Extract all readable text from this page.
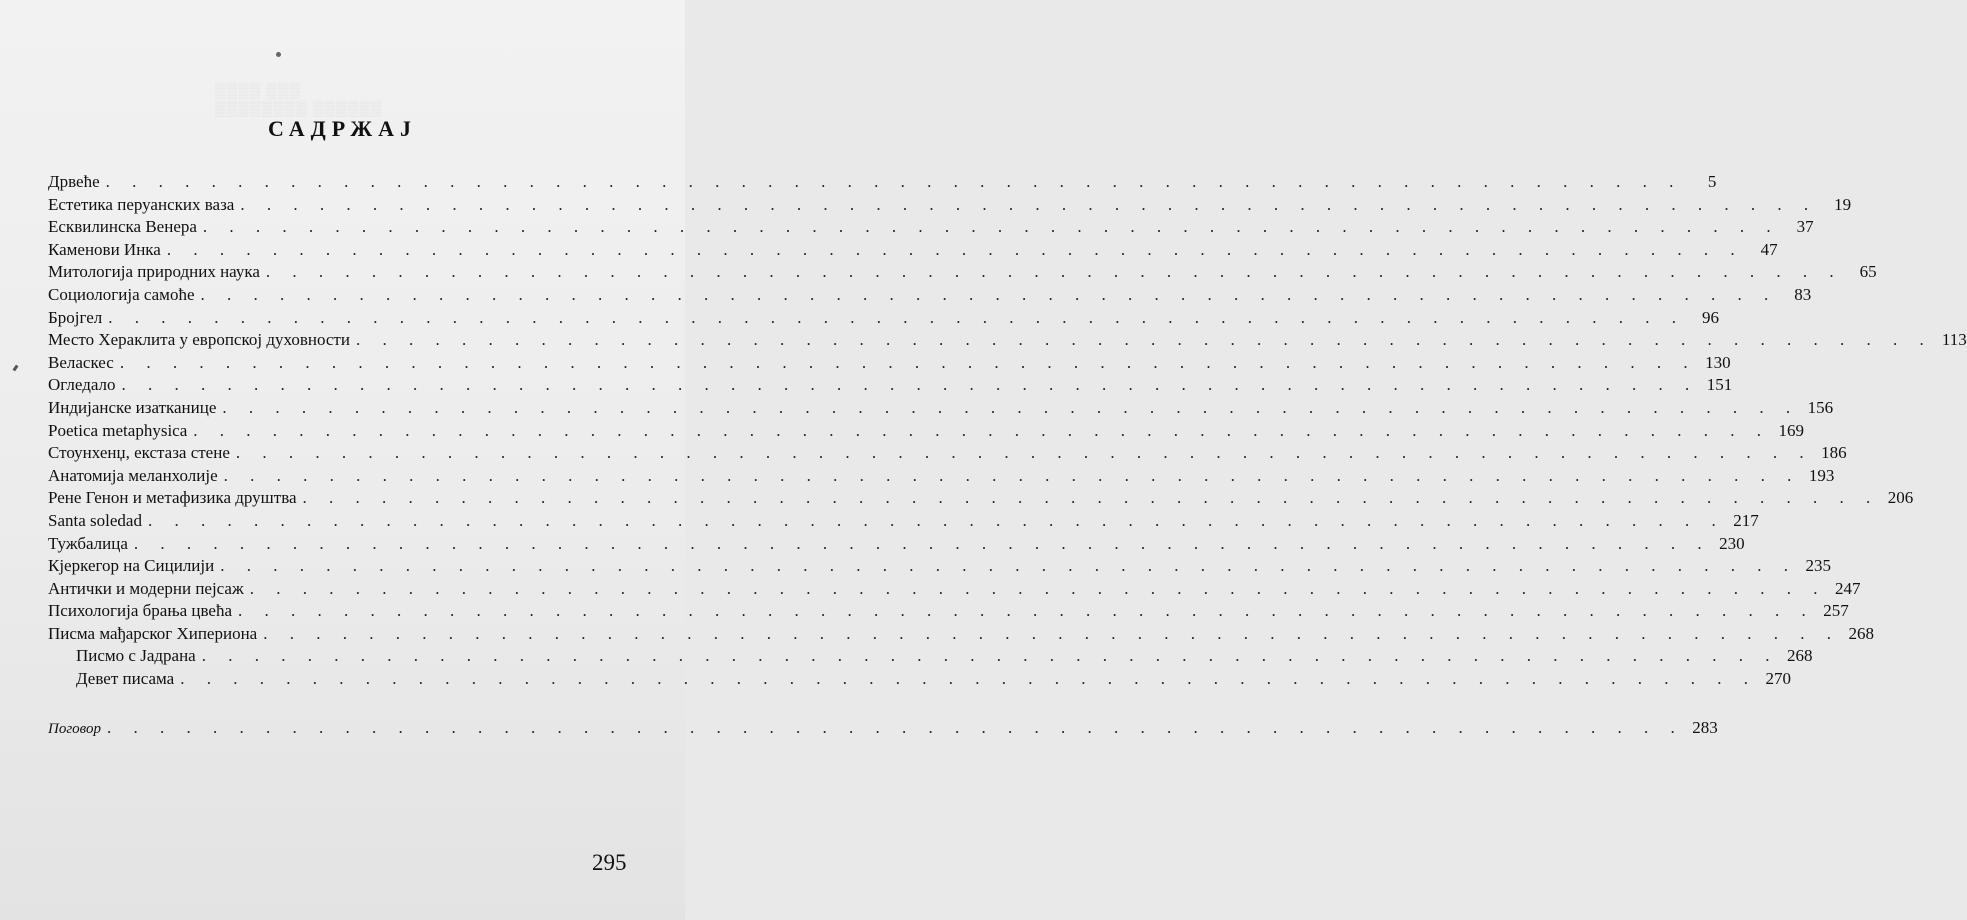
▒▒▒▒ ▒▒▒
▒▒▒▒▒▒▒▒ ▒▒▒▒▒▒
САДРЖАЈ
Дрвеће . . . . . . . . . . . . . . . . . . . . . . . . . . . . . . . . . . . . . . . . . . . . . . . . . . . . . . . . . . . .	5
Естетика перуанских ваза . . . . . . . . . . . . . . . . . . . . . . . . . . . . . . . . . . . . . . . . . . . . . . . . . . . . . . . . . . . .	19
Есквилинска Венера . . . . . . . . . . . . . . . . . . . . . . . . . . . . . . . . . . . . . . . . . . . . . . . . . . . . . . . . . . . .	37
Каменови Инка . . . . . . . . . . . . . . . . . . . . . . . . . . . . . . . . . . . . . . . . . . . . . . . . . . . . . . . . . . . .	47
Митологија природних наука . . . . . . . . . . . . . . . . . . . . . . . . . . . . . . . . . . . . . . . . . . . . . . . . . . . . . . . . . . . .	65
Социологија самоће . . . . . . . . . . . . . . . . . . . . . . . . . . . . . . . . . . . . . . . . . . . . . . . . . . . . . . . . . . . .	83
Бројгел . . . . . . . . . . . . . . . . . . . . . . . . . . . . . . . . . . . . . . . . . . . . . . . . . . . . . . . . . . . .	96
Место Хераклита у европској духовности . . . . . . . . . . . . . . . . . . . . . . . . . . . . . . . . . . . . . . . . . . . . . . . . . . . . . . . . . . . . 113
Веласкес . . . . . . . . . . . . . . . . . . . . . . . . . . . . . . . . . . . . . . . . . . . . . . . . . . . . . . . . . . . . 130
Огледало . . . . . . . . . . . . . . . . . . . . . . . . . . . . . . . . . . . . . . . . . . . . . . . . . . . . . . . . . . . . 151
Индијанске изатканице . . . . . . . . . . . . . . . . . . . . . . . . . . . . . . . . . . . . . . . . . . . . . . . . . . . . . . . . . . . . 156
Poetica metaphysica . . . . . . . . . . . . . . . . . . . . . . . . . . . . . . . . . . . . . . . . . . . . . . . . . . . . . . . . . . . . 169
Стоунхенџ, екстаза стене . . . . . . . . . . . . . . . . . . . . . . . . . . . . . . . . . . . . . . . . . . . . . . . . . . . . . . . . . . . . 186
Анатомија меланхолије . . . . . . . . . . . . . . . . . . . . . . . . . . . . . . . . . . . . . . . . . . . . . . . . . . . . . . . . . . . . 193
Рене Генон и метафизика друштва . . . . . . . . . . . . . . . . . . . . . . . . . . . . . . . . . . . . . . . . . . . . . . . . . . . . . . . . . . . . 206
Santa soledad . . . . . . . . . . . . . . . . . . . . . . . . . . . . . . . . . . . . . . . . . . . . . . . . . . . . . . . . . . . . 217
Тужбалица . . . . . . . . . . . . . . . . . . . . . . . . . . . . . . . . . . . . . . . . . . . . . . . . . . . . . . . . . . . . 230
Кјеркегор на Сицилији . . . . . . . . . . . . . . . . . . . . . . . . . . . . . . . . . . . . . . . . . . . . . . . . . . . . . . . . . . . . 235
Антички и модерни пејсаж . . . . . . . . . . . . . . . . . . . . . . . . . . . . . . . . . . . . . . . . . . . . . . . . . . . . . . . . . . . . 247
Психологија брања цвећа . . . . . . . . . . . . . . . . . . . . . . . . . . . . . . . . . . . . . . . . . . . . . . . . . . . . . . . . . . . . 257
Писма мађарског Хипериона . . . . . . . . . . . . . . . . . . . . . . . . . . . . . . . . . . . . . . . . . . . . . . . . . . . . . . . . . . . . 268
Писмо с Јадрана . . . . . . . . . . . . . . . . . . . . . . . . . . . . . . . . . . . . . . . . . . . . . . . . . . . . . . . . . . . . 268
Девет писама . . . . . . . . . . . . . . . . . . . . . . . . . . . . . . . . . . . . . . . . . . . . . . . . . . . . . . . . . . . . 270
Поговор . . . . . . . . . . . . . . . . . . . . . . . . . . . . . . . . . . . . . . . . . . . . . . . . . . . . . . . . . . . . 283
295
